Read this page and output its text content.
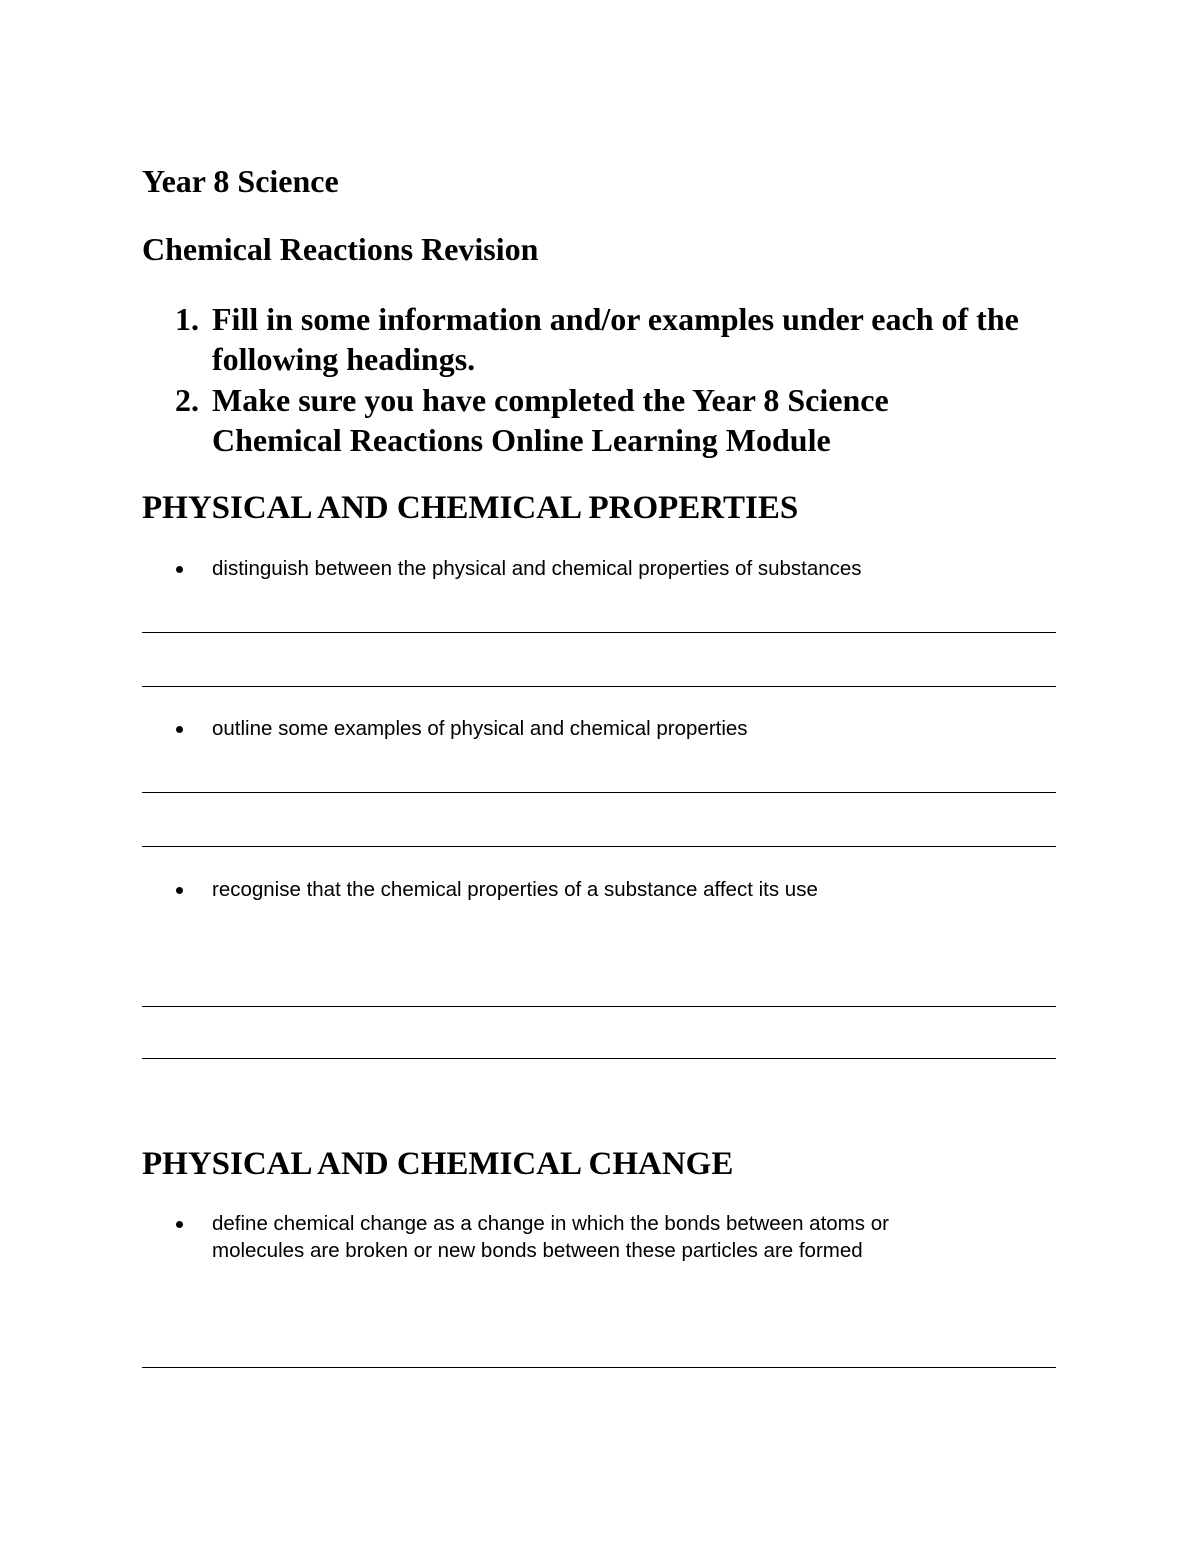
Year 8 Science
Chemical Reactions Revision
1. Fill in some information and/or examples under each of the following headings.
2. Make sure you have completed the Year 8 Science Chemical Reactions Online Learning Module
PHYSICAL AND CHEMICAL PROPERTIES
distinguish between the physical and chemical properties of substances
outline some examples of physical and chemical properties
recognise that the chemical properties of a substance affect its use
PHYSICAL AND CHEMICAL CHANGE
define chemical change as a change in which the bonds between atoms or molecules are broken or new bonds between these particles are formed
